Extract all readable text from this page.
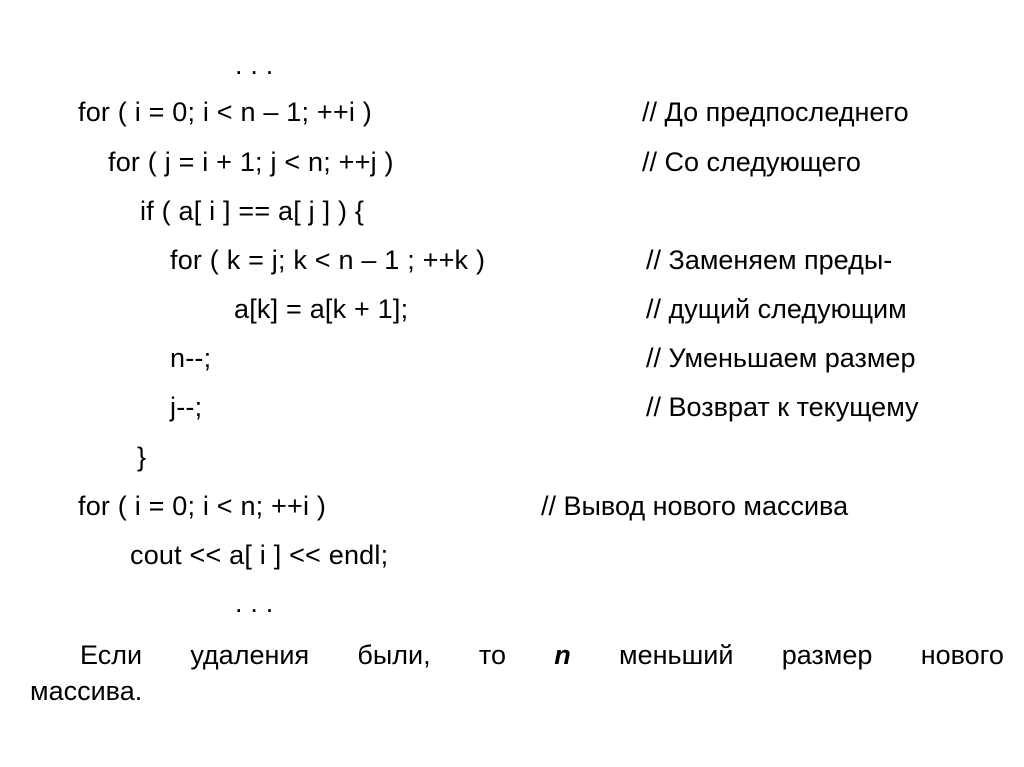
. . .
for ( i = 0; i < n – 1; ++i )	// До предпоследнего
for ( j = i + 1; j < n; ++j )	// Со следующего
if ( a[ i ] == a[ j ] ) {
for ( k = j; k < n – 1 ; ++k )	// Заменяем преды-
a[k] = a[k + 1];	// дущий следующим
n--;	// Уменьшаем размер
j--;	// Возврат к текущему
}
for ( i = 0; i < n; ++i )	// Вывод нового массива
cout << a[ i ] << endl;
. . .
Если удаления были, то n меньший размер нового
массива.
